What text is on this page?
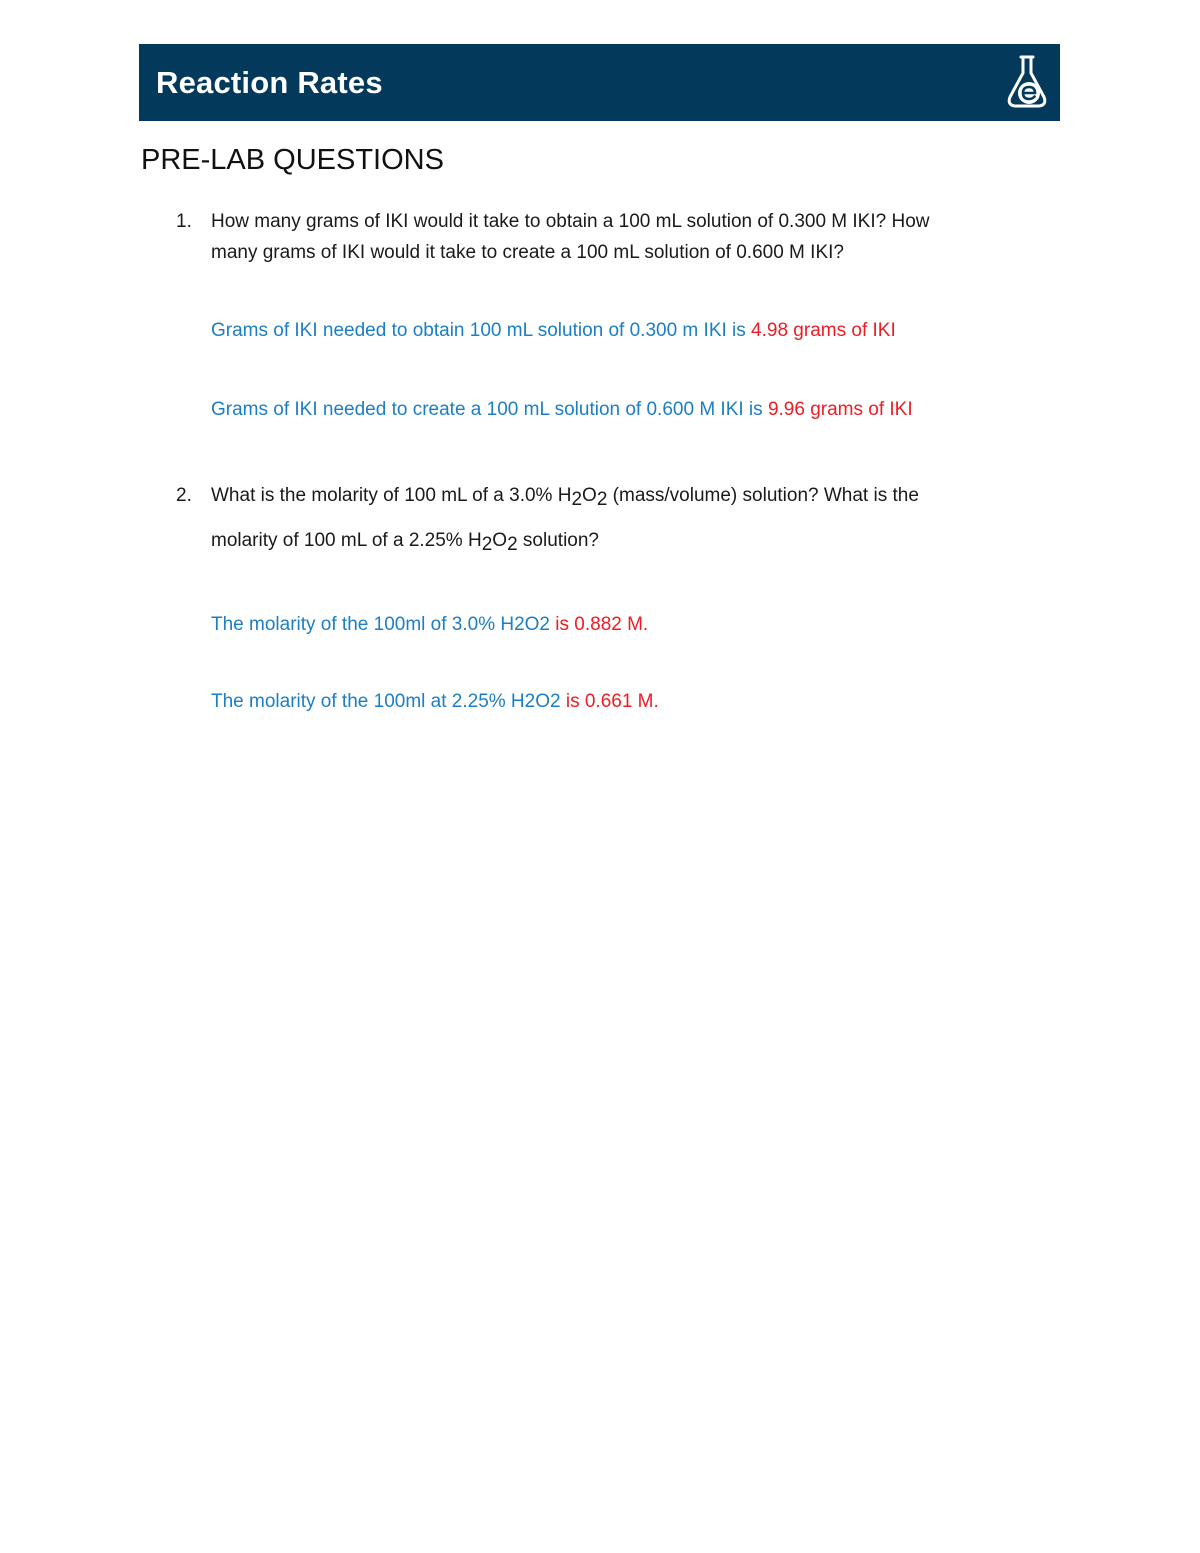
Reaction Rates
PRE-LAB QUESTIONS
1. How many grams of IKI would it take to obtain a 100 mL solution of 0.300 M IKI? How
many grams of IKI would it take to create a 100 mL solution of 0.600 M IKI?
Grams of IKI needed to obtain 100 mL solution of 0.300 m IKI is 4.98 grams of IKI
Grams of IKI needed to create a 100 mL solution of 0.600 M IKI is 9.96 grams of IKI
2. What is the molarity of 100 mL of a 3.0% H2O2 (mass/volume) solution? What is the
molarity of 100 mL of a 2.25% H2O2 solution?
The molarity of the 100ml of 3.0% H2O2 is 0.882 M.
The molarity of the 100ml at 2.25% H2O2 is 0.661 M.
